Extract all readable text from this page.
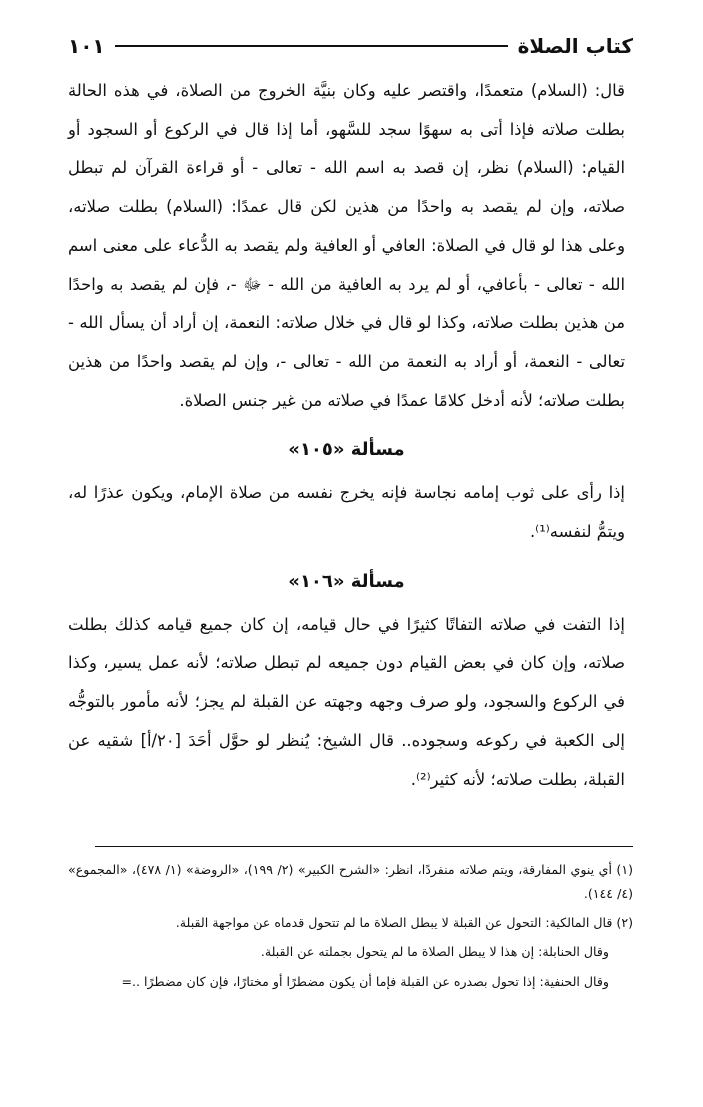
١٠١	كتاب الصلاة

قال: (السلام) متعمدًا، واقتصر عليه وكان بنيَّة الخروج من الصلاة، في هذه الحالة بطلت صلاته فإذا أتى به سهوًا سجد للسَّهو، أما إذا قال في الركوع أو السجود أو القيام: (السلام) نظر، إن قصد به اسم الله - تعالى - أو قراءة القرآن لم تبطل صلاته، وإن لم يقصد به واحدًا من هذين لكن قال عمدًا: (السلام) بطلت صلاته، وعلى هذا لو قال في الصلاة: العافي أو العافية ولم يقصد به الدُّعاء على معنى اسم الله - تعالى - بأعافي، أو لم يرد به العافية من الله - ﷻ -، فإن لم يقصد به واحدًا من هذين بطلت صلاته، وكذا لو قال في خلال صلاته: النعمة، إن أراد أن يسأل الله - تعالى - النعمة، أو أراد به النعمة من الله - تعالى -، وإن لم يقصد واحدًا من هذين بطلت صلاته؛ لأنه أدخل كلامًا عمدًا في صلاته من غير جنس الصلاة.

مسألة «١٠٥»

إذا رأى على ثوب إمامه نجاسة فإنه يخرج نفسه من صلاة الإمام، ويكون عذرًا له، ويتمُّ لنفسه⁽¹⁾.

مسألة «١٠٦»

إذا التفت في صلاته التفاتًا كثيرًا في حال قيامه، إن كان جميع قيامه كذلك بطلت صلاته، وإن كان في بعض القيام دون جميعه لم تبطل صلاته؛ لأنه عمل يسير، وكذا في الركوع والسجود، ولو صرف وجهه وجهته عن القبلة لم يجز؛ لأنه مأمور بالتوجُّه إلى الكعبة في ركوعه وسجوده.. قال الشيخ: يُنظر لو حوَّل أحَدَ [٢٠/أ] شقيه عن القبلة، بطلت صلاته؛ لأنه كثير⁽²⁾.

(١) أي ينوي المفارقة، ويتم صلاته منفردًا، انظر: «الشرح الكبير» (٢/ ١٩٩)، «الروضة» (١/ ٤٧٨)، «المجموع» (٤/ ١٤٤).

(٢) قال المالكية: التحول عن القبلة لا يبطل الصلاة ما لم تتحول قدماه عن مواجهة القبلة.

وقال الحنابلة: إن هذا لا يبطل الصلاة ما لم يتحول بجملته عن القبلة.

وقال الحنفية: إذا تحول بصدره عن القبلة فإما أن يكون مضطرًا أو مختارًا، فإن كان مضطرًا ..=
